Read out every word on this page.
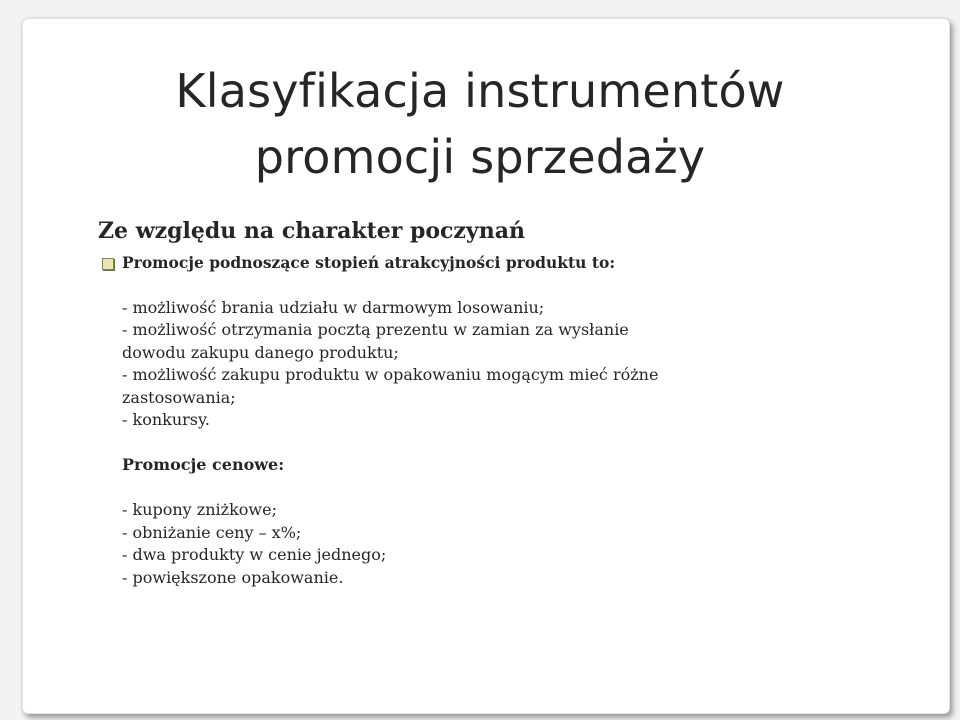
Klasyfikacja instrumentów
promocji sprzedaży
Ze względu na charakter poczynań
Promocje podnoszące stopień atrakcyjności produktu to:
- możliwość brania udziału w darmowym losowaniu;
- możliwość otrzymania pocztą prezentu w zamian za wysłanie
dowodu zakupu danego produktu;
- możliwość zakupu produktu w opakowaniu mogącym mieć różne
zastosowania;
- konkursy.
Promocje cenowe:
- kupony zniżkowe;
- obniżanie ceny – x%;
- dwa produkty w cenie jednego;
- powiększone opakowanie.
